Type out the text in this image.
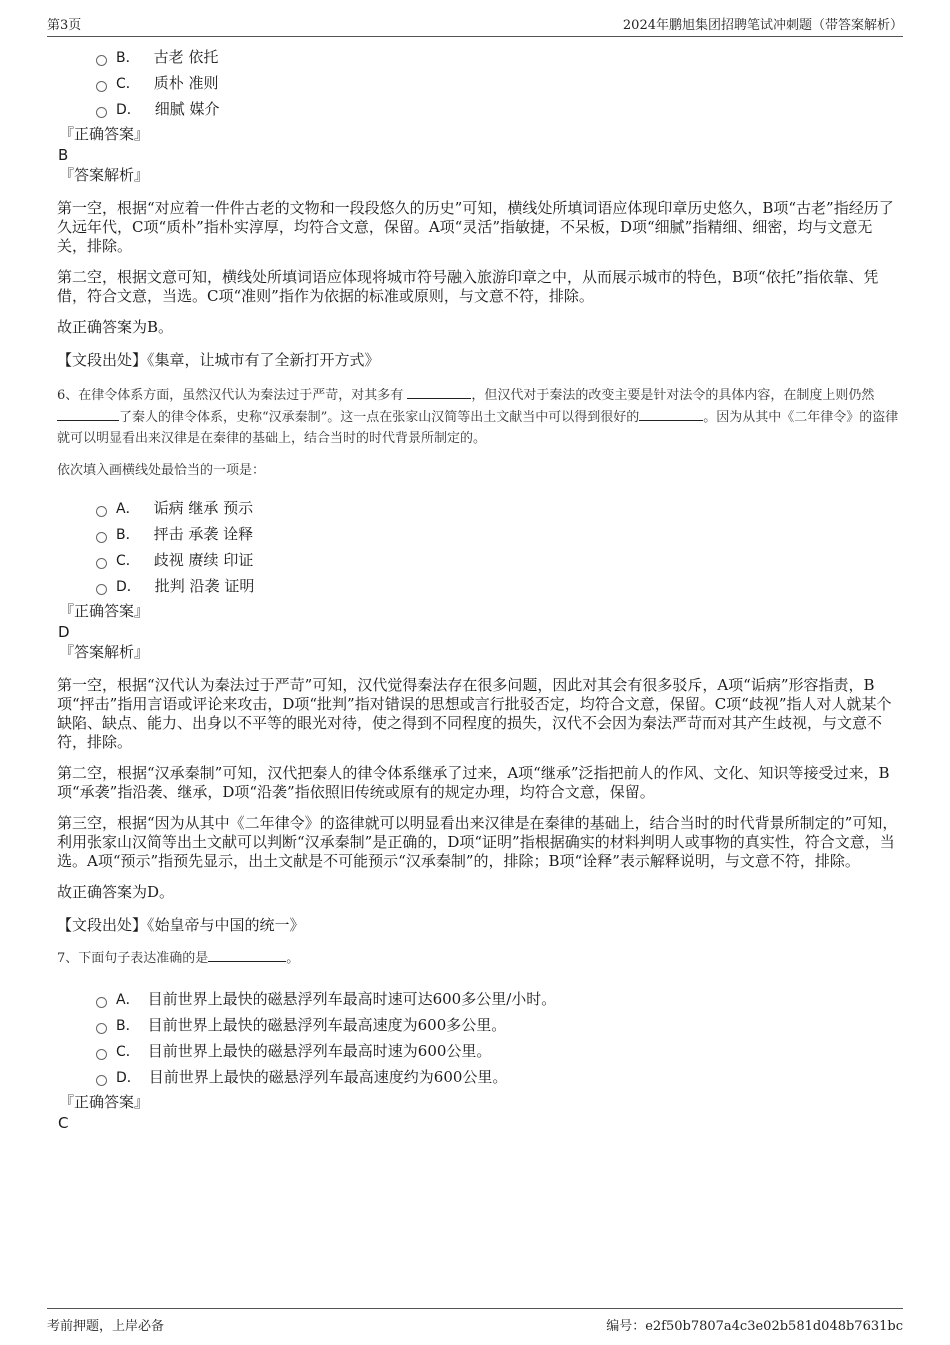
第3页	2024年鹏旭集团招聘笔试冲刺题（带答案解析）
B． 古老 依托
C． 质朴 准则
D． 细腻 媒介
『正确答案』
B
『答案解析』

第一空，根据“对应着一件件古老的文物和一段段悠久的历史”可知，横线处所填词语应体现印章历史悠久，B项“古老”指经历了久远年代，C项“质朴”指朴实淳厚，均符合文意，保留。A项“灵活”指敏捷，不呆板，D项“细腻”指精细、细密，均与文意无关，排除。

第二空，根据文意可知，横线处所填词语应体现将城市符号融入旅游印章之中，从而展示城市的特色，B项“依托”指依靠、凭借，符合文意，当选。C项“准则”指作为依据的标准或原则，与文意不符，排除。

故正确答案为B。

【文段出处】《集章，让城市有了全新打开方式》

6、在律令体系方面，虽然汉代认为秦法过于严苛，对其多有	，但汉代对于秦法的改变主要是针对法令的具体内容，在制度上则仍然了秦人的律令体系，史称“汉承秦制”。这一点在张家山汉简等出土文献当中可以得到很好的	。因为从其中《二年律令》的盗律就可以明显看出来汉律是在秦律的基础上，结合当时的时代背景所制定的。

依次填入画横线处最恰当的一项是：

A． 诟病 继承 预示
B． 抨击 承袭 诠释
C． 歧视 赓续 印证
D． 批判 沿袭 证明
『正确答案』
D
『答案解析』

第一空，根据“汉代认为秦法过于严苛”可知，汉代觉得秦法存在很多问题，因此对其会有很多驳斥，A项“诟病”形容指责，B项“抨击”指用言语或评论来攻击，D项“批判”指对错误的思想或言行批驳否定，均符合文意，保留。C项“歧视”指人对人就某个缺陷、缺点、能力、出身以不平等的眼光对待，使之得到不同程度的损失，汉代不会因为秦法严苛而对其产生歧视，与文意不符，排除。

第二空，根据“汉承秦制”可知，汉代把秦人的律令体系继承了过来，A项“继承”泛指把前人的作风、文化、知识等接受过来，B项“承袭”指沿袭、继承，D项“沿袭”指依照旧传统或原有的规定办理，均符合文意，保留。

第三空，根据“因为从其中《二年律令》的盗律就可以明显看出来汉律是在秦律的基础上，结合当时的时代背景所制定的”可知，利用张家山汉简等出土文献可以判断“汉承秦制”是正确的，D项“证明”指根据确实的材料判明人或事物的真实性，符合文意，当选。A项“预示”指预先显示，出土文献是不可能预示“汉承秦制”的，排除；B项“诠释”表示解释说明，与文意不符，排除。

故正确答案为D。

【文段出处】《始皇帝与中国的统一》

7、下面句子表达准确的是	。

A． 目前世界上最快的磁悬浮列车最高时速可达600多公里/小时。
B． 目前世界上最快的磁悬浮列车最高速度为600多公里。
C． 目前世界上最快的磁悬浮列车最高时速为600公里。
D． 目前世界上最快的磁悬浮列车最高速度约为600公里。
『正确答案』
C
考前押题，上岸必备	编号：e2f50b7807a4c3e02b581d048b7631bc
